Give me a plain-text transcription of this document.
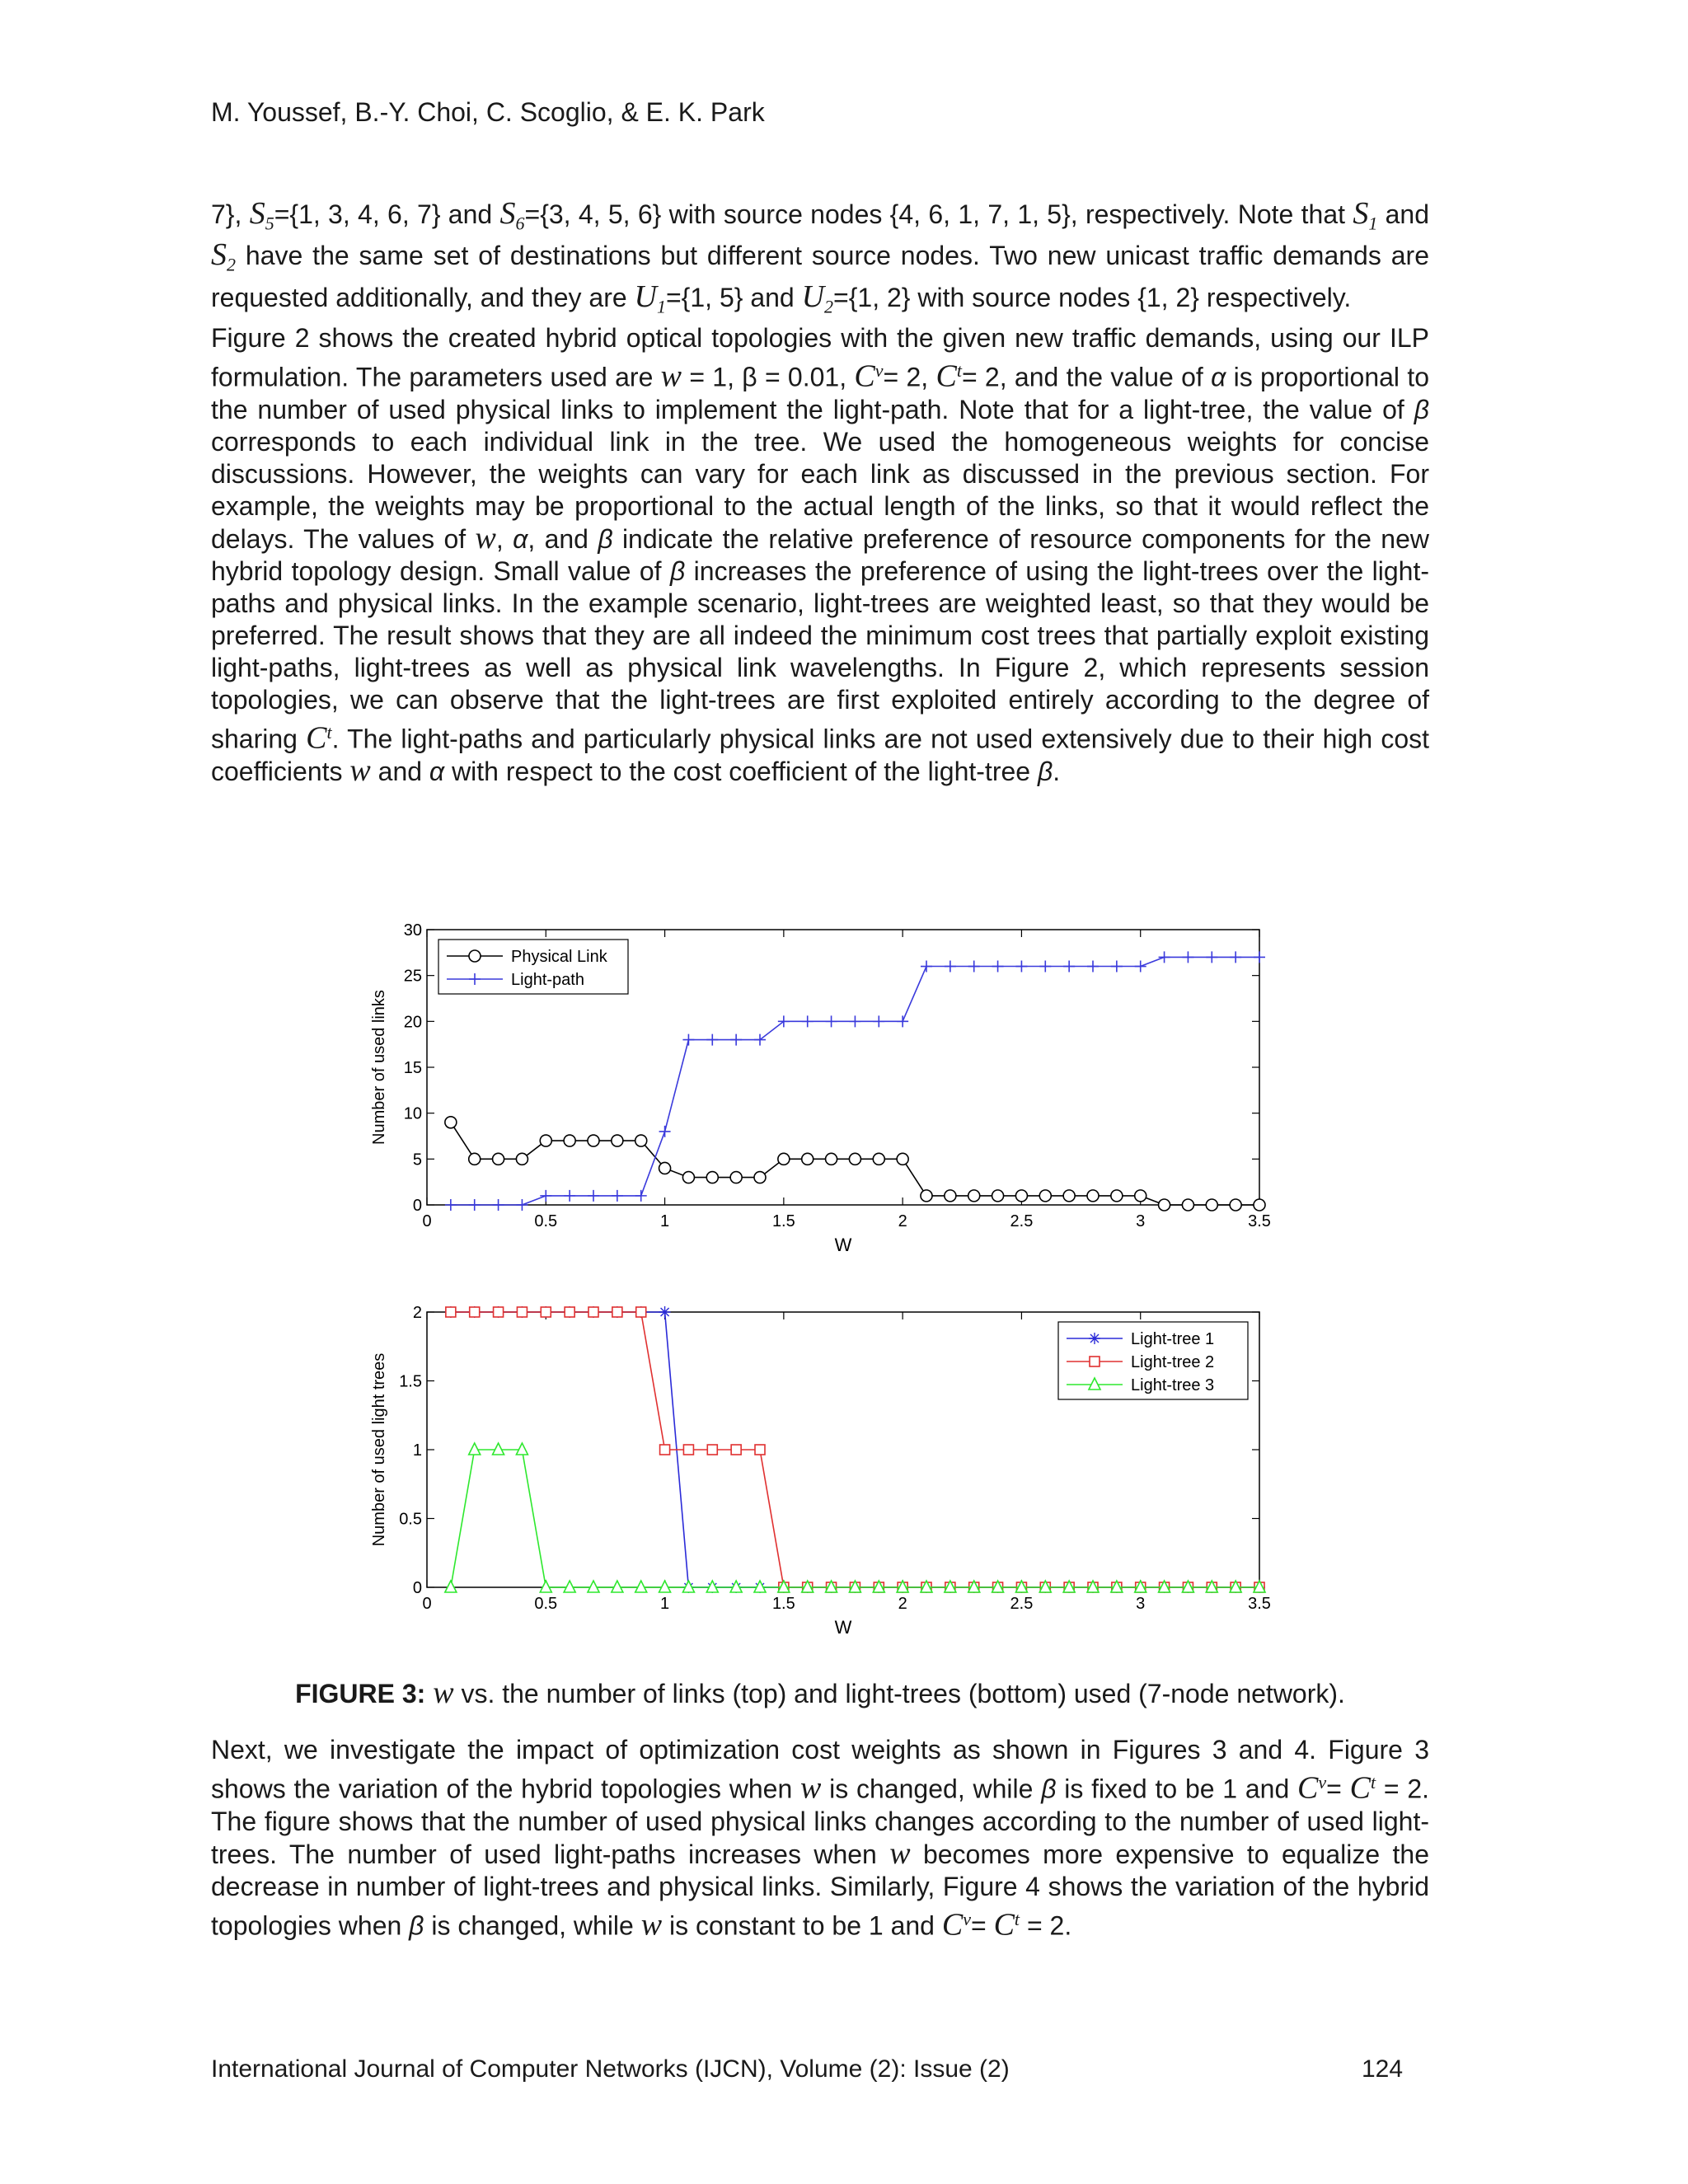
M. Youssef, B.-Y. Choi, C. Scoglio, & E. K. Park

7}, $S_5=\{1$, 3, 4, 6, 7} and $S_6=\{3$, 4, 5, 6} with source nodes {4, 6, 1, 7, 1, 5}, respectively. Note that $S_1$ and $S_2$ have the same set of destinations but different source nodes. Two new unicast traffic demands are requested additionally, and they are $U_1=\{1$, 5} and $U_2=\{1$, 2} with source nodes {1, 2} respectively.

Figure 2 shows the created hybrid optical topologies with the given new traffic demands, using our ILP formulation. The parameters used are w = 1, β = 0.01, $C^v= 2$, $C^t= 2$, and the value of α is proportional to the number of used physical links to implement the light-path. Note that for a light-tree, the value of β corresponds to each individual link in the tree. We used the homogeneous weights for concise discussions. However, the weights can vary for each link as discussed in the previous section. For example, the weights may be proportional to the actual length of the links, so that it would reflect the delays. The values of w, α, and β indicate the relative preference of resource components for the new hybrid topology design. Small value of β increases the preference of using the light-trees over the light-paths and physical links. In the example scenario, light-trees are weighted least, so that they would be preferred. The result shows that they are all indeed the minimum cost trees that partially exploit existing light-paths, light-trees as well as physical link wavelengths. In Figure 2, which represents session topologies, we can observe that the light-trees are first exploited entirely according to the degree of sharing $C^t$. The light-paths and particularly physical links are not used extensively due to their high cost coefficients w and α with respect to the cost coefficient of the light-tree β.

0	0.5	1	1.5	2	2.5	3	3.5
0
5
10
15
20
25
30
W
Number of used links
Physical Link
Light-path
0	0.5	1	1.5	2	2.5	3	3.5
0
0.5
1
1.5
2
W
Number of used light trees
Light-tree 1
Light-tree 2
Light-tree 3
FIGURE 3: w vs. the number of links (top) and light-trees (bottom) used (7-node network).

Next, we investigate the impact of optimization cost weights as shown in Figures 3 and 4. Figure 3 shows the variation of the hybrid topologies when w is changed, while β is fixed to be 1 and $C^v= C^t = 2$. The figure shows that the number of used physical links changes according to the number of used light-trees. The number of used light-paths increases when w becomes more expensive to equalize the decrease in number of light-trees and physical links. Similarly, Figure 4 shows the variation of the hybrid topologies when β is changed, while w is constant to be 1 and $C^v= C^t = 2$.

International Journal of Computer Networks (IJCN), Volume (2): Issue (2)	124
